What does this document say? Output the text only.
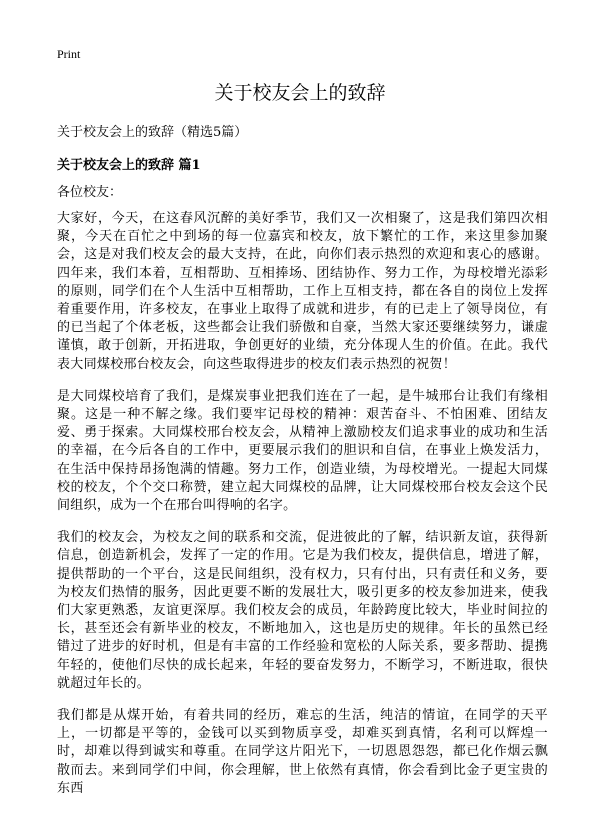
Print
关于校友会上的致辞
关于校友会上的致辞（精选5篇）
关于校友会上的致辞 篇1
各位校友：

大家好，今天，在这春风沉醉的美好季节，我们又一次相聚了，这是我们第四次相聚，今天在百忙之中到场的每一位嘉宾和校友，放下繁忙的工作，来这里参加聚会，这是对我们校友会的最大支持，在此，向你们表示热烈的欢迎和衷心的感谢。四年来，我们本着，互相帮助、互相捧场、团结协作、努力工作，为母校增光添彩的原则，同学们在个人生活中互相帮助，工作上互相支持，都在各自的岗位上发挥着重要作用，许多校友，在事业上取得了成就和进步，有的已走上了领导岗位，有的已当起了个体老板，这些都会让我们骄傲和自豪，当然大家还要继续努力，谦虚谨慎，敢于创新，开拓进取，争创更好的业绩，充分体现人生的价值。在此。我代表大同煤校邢台校友会，向这些取得进步的校友们表示热烈的祝贺！

是大同煤校培育了我们，是煤炭事业把我们连在了一起，是牛城邢台让我们有缘相聚。这是一种不解之缘。我们要牢记母校的精神：艰苦奋斗、不怕困难、团结友爱、勇于探索。大同煤校邢台校友会，从精神上激励校友们追求事业的成功和生活的幸福，在今后各自的工作中，更要展示我们的胆识和自信，在事业上焕发活力，在生活中保持昂扬饱满的情趣。努力工作，创造业绩，为母校增光。一提起大同煤校的校友，个个交口称赞，建立起大同煤校的品牌，让大同煤校邢台校友会这个民间组织，成为一个在邢台叫得响的名字。

我们的校友会，为校友之间的联系和交流，促进彼此的了解，结识新友谊，获得新信息，创造新机会，发挥了一定的作用。它是为我们校友，提供信息，增进了解，提供帮助的一个平台，这是民间组织，没有权力，只有付出，只有责任和义务，要为校友们热情的服务，因此更要不断的发展壮大，吸引更多的校友参加进来，使我们大家更熟悉，友谊更深厚。我们校友会的成员，年龄跨度比较大，毕业时间拉的长，甚至还会有新毕业的校友，不断地加入，这也是历史的规律。年长的虽然已经错过了进步的好时机，但是有丰富的工作经验和宽松的人际关系，要多帮助、提携年轻的，使他们尽快的成长起来，年轻的要奋发努力，不断学习，不断进取，很快就超过年长的。

我们都是从煤开始，有着共同的经历，难忘的生活，纯洁的情谊，在同学的天平上，一切都是平等的，金钱可以买到物质享受，却难买到真情，名利可以辉煌一时，却难以得到诚实和尊重。在同学这片阳光下，一切恩恩怨怨，都已化作烟云飘散而去。来到同学们中间，你会理解，世上依然有真情，你会看到比金子更宝贵的东西
